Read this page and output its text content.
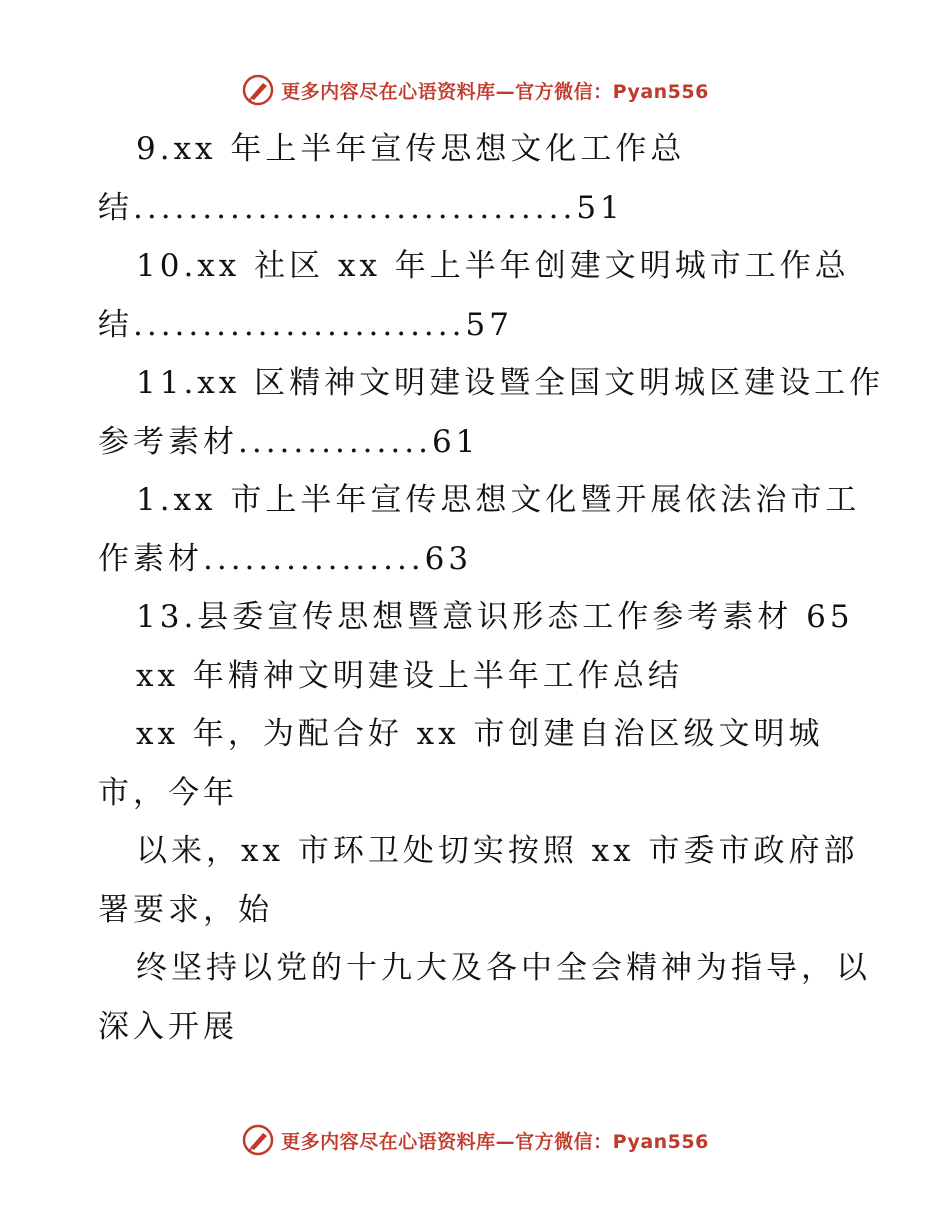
更多内容尽在心语资料库 —官方微信：Pyan556
9.xx 年上半年宣传思想文化工作总
结................................51
10.xx 社区 xx 年上半年创建文明城市工作总
结........................57
11.xx 区精神文明建设暨全国文明城区建设工作
参考素材..............61
1.xx 市上半年宣传思想文化暨开展依法治市工
作素材................63
13.县委宣传思想暨意识形态工作参考素材 65
xx 年精神文明建设上半年工作总结
xx 年，为配合好 xx 市创建自治区级文明城
市，今年
以来，xx 市环卫处切实按照 xx 市委市政府部
署要求，始
终坚持以党的十九大及各中全会精神为指导，以
深入开展
更多内容尽在心语资料库 —官方微信：Pyan556
